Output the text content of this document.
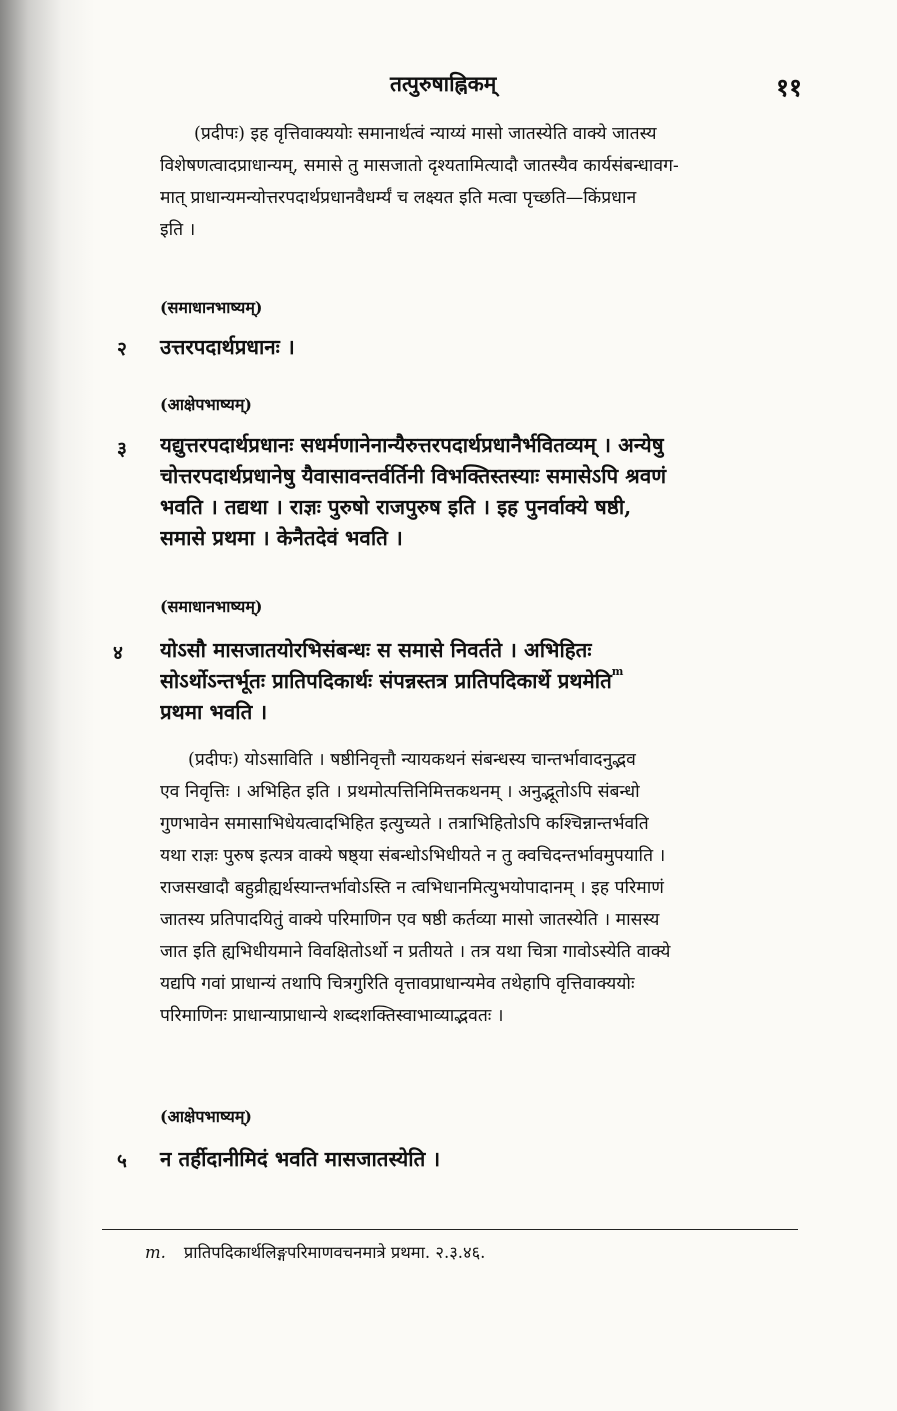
तत्पुरुषाह्निकम्	११
(प्रदीपः) इह वृत्तिवाक्ययोः समानार्थत्वं न्याय्यं मासो जातस्येति वाक्ये जातस्य
विशेषणत्वादप्राधान्यम्, समासे तु मासजातो दृश्यतामित्यादौ जातस्यैव कार्यसंबन्धावग-
मात् प्राधान्यमन्योत्तरपदार्थप्रधानवैधर्म्यं च लक्ष्यत इति मत्वा पृच्छति—किंप्रधान
इति ।
(समाधानभाष्यम्)
२ उत्तरपदार्थप्रधानः ।
(आक्षेपभाष्यम्)
३ यद्युत्तरपदार्थप्रधानः सधर्मणानेनान्यैरुत्तरपदार्थप्रधानैर्भवितव्यम् । अन्येषु
चोत्तरपदार्थप्रधानेषु यैवासावन्तर्वर्तिनी विभक्तिस्तस्याः समासेऽपि श्रवणं
भवति । तद्यथा । राज्ञः पुरुषो राजपुरुष इति । इह पुनर्वाक्ये षष्ठी,
समासे प्रथमा । केनैतदेवं भवति ।
(समाधानभाष्यम्)
४ योऽसौ मासजातयोरभिसंबन्धः स समासे निवर्तते । अभिहितः
सोऽर्थोऽन्तर्भूतः प्रातिपदिकार्थः संपन्नस्तत्र प्रातिपदिकार्थे प्रथमेति$^m$
प्रथमा भवति ।
(प्रदीपः) योऽसाविति । षष्ठीनिवृत्तौ न्यायकथनं संबन्धस्य चान्तर्भावादनुद्भव
एव निवृत्तिः । अभिहित इति । प्रथमोत्पत्तिनिमित्तकथनम् । अनुद्भूतोऽपि संबन्धो
गुणभावेन समासाभिधेयत्वादभिहित इत्युच्यते । तत्राभिहितोऽपि कश्चिन्नान्तर्भवति
यथा राज्ञः पुरुष इत्यत्र वाक्ये षष्ठ्या संबन्धोऽभिधीयते न तु क्वचिदन्तर्भावमुपयाति ।
राजसखादौ बहुव्रीह्यर्थस्यान्तर्भावोऽस्ति न त्वभिधानमित्युभयोपादानम् । इह परिमाणं
जातस्य प्रतिपादयितुं वाक्ये परिमाणिन एव षष्ठी कर्तव्या मासो जातस्येति । मासस्य
जात इति ह्यभिधीयमाने विवक्षितोऽर्थो न प्रतीयते । तत्र यथा चित्रा गावोऽस्येति वाक्ये
यद्यपि गवां प्राधान्यं तथापि चित्रगुरिति वृत्तावप्राधान्यमेव तथेहापि वृत्तिवाक्ययोः
परिमाणिनः प्राधान्याप्राधान्ये शब्दशक्तिस्वाभाव्याद्भवतः ।
(आक्षेपभाष्यम्)
५ न तर्हीदानीमिदं भवति मासजातस्येति ।
m. प्रातिपदिकार्थलिङ्गपरिमाणवचनमात्रे प्रथमा. २.३.४६.
